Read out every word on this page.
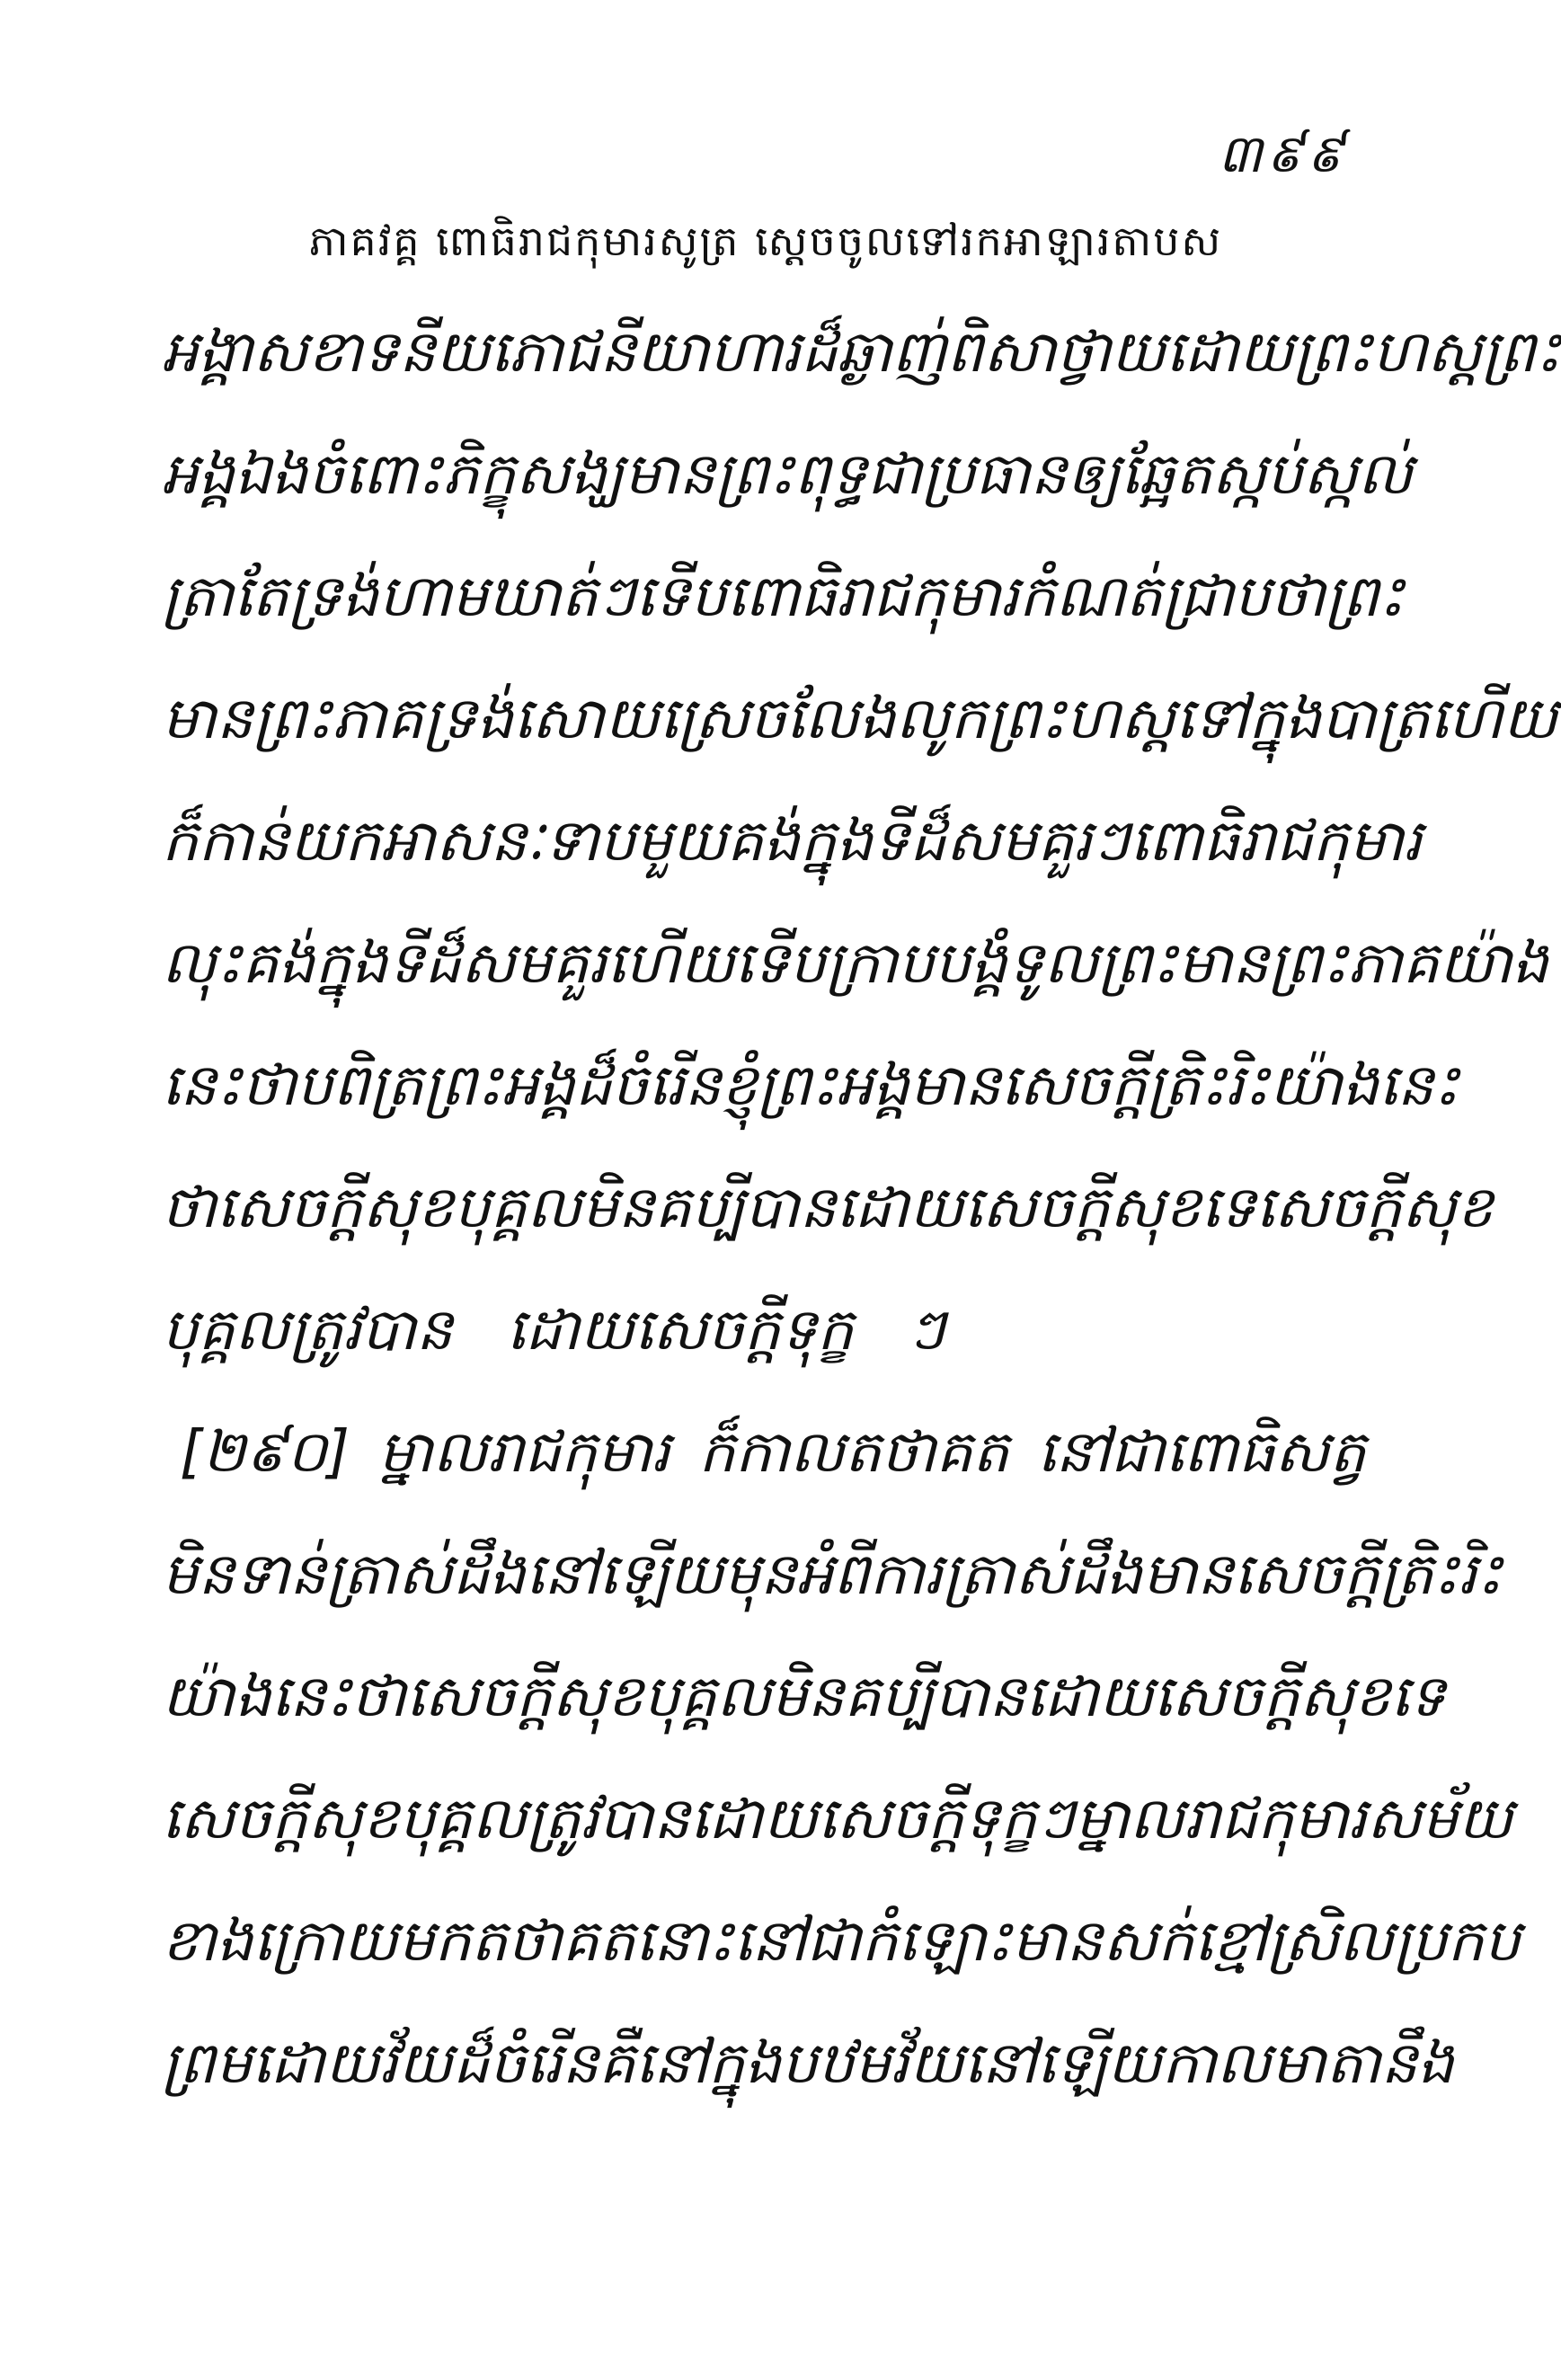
៣៩៩
ភាគវគ្គ ពោធិរាជកុមារសូត្រ ស្តេចចូលទៅរកអាឡារតាបស
អង្គាសខាទនីយភោជនីយាហារដ៏ឆ្ងាញ់ពិសា ថ្វាយដោយព្រះហស្តព្រះ
អង្គឯង ចំពោះភិក្ខុសង្ឃ មានព្រះពុទ្ធជាប្រធាន ឲ្យឆ្អែតស្កប់ស្កល់
ត្រាតែទ្រង់ហាមឃាត់ ៗ ទើបពោធិរាជកុមារ កំណត់ជ្រាបថា ព្រះ
មានព្រះភាគទ្រង់សោយស្រេច លែងលូកព្រះហស្តទៅក្នុងបាត្រហើយ
ក៏កាន់យកអាសនៈទាបមួយ គង់ក្នុងទីដ៏សមគួរ ៗ ពោធិរាជកុមារ
លុះគង់ក្នុងទីដ៏សមគួរហើយ ទើបក្រាបបង្គំទូលព្រះមានព្រះភាគ យ៉ាង
នេះថា បពិត្រព្រះអង្គដ៏ចំរើន ខ្ញុំព្រះអង្គមានសេចក្តីត្រិះរិះ យ៉ាងនេះ
ថា សេចក្តីសុខ បុគ្គលមិនគប្បីបាន ដោយសេចក្តីសុខទេ សេចក្តីសុខ
បុគ្គលត្រូវបាន ដោយសេចក្តីទុក្ខ ៗ
[២៩០] ម្នាលរាជកុមារ ក៏កាលតថាគត នៅជាពោធិសត្វ
មិនទាន់ត្រាស់ដឹងនៅឡើយ មុនអំពីការត្រាស់ដឹង មានសេចក្តីត្រិះរិះ
យ៉ាងនេះថា សេចក្តីសុខ បុគ្គលមិនគប្បីបាន ដោយសេចក្តីសុខទេ
សេចក្តីសុខ បុគ្គលត្រូវបានដោយសេចក្តីទុក្ខ ៗ ម្នាលរាជកុមារ សម័យ
ខាងក្រោយមក តថាគតនោះនៅជាកំឡោះ មានសក់ខ្មៅស្រិល ប្រកប
ព្រមដោយវ័យដ៏ចំរើន គឺនៅក្នុងបឋមវ័យនៅឡើយ កាលមាតានឹង
